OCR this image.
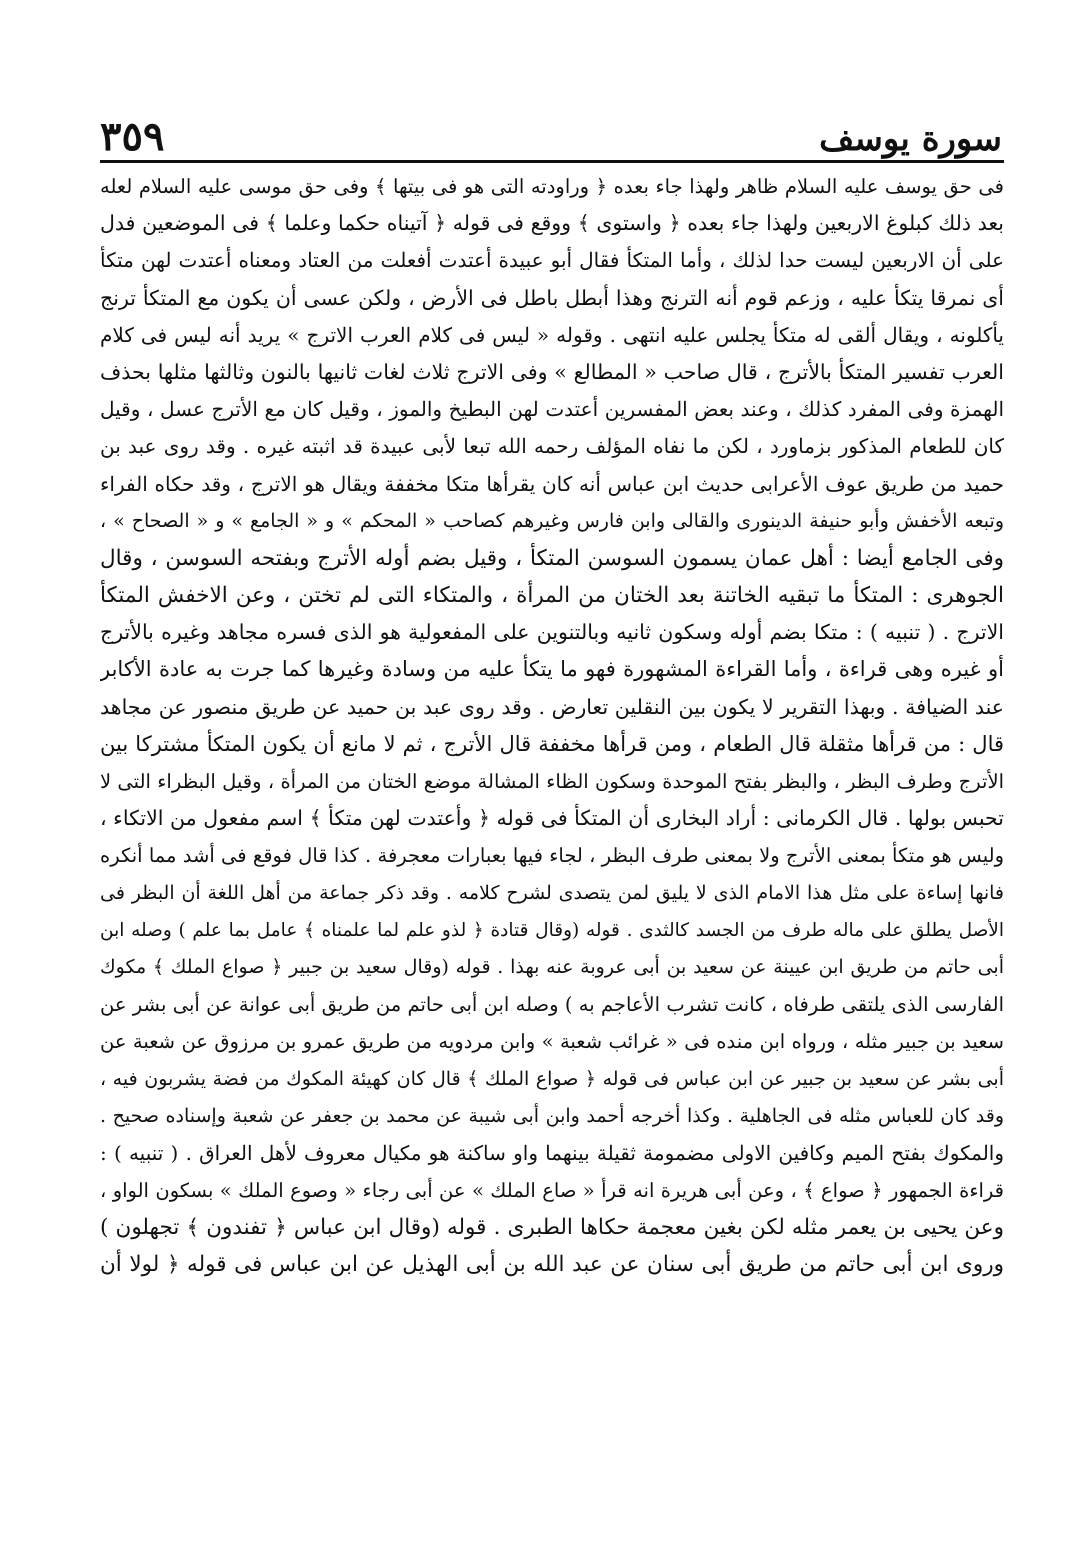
سورة يوسف
٣٥٩
فى حق يوسف عليه السلام ظاهر ولهذا جاء بعده ﴿ وراودته التى هو فى بيتها ﴾ وفى حق موسى عليه السلام لعله
بعد ذلك كبلوغ الاربعين ولهذا جاء بعده ﴿ واستوى ﴾ ووقع فى قوله ﴿ آتيناه حكما وعلما ﴾ فى الموضعين فدل
على أن الاربعين ليست حدا لذلك ، وأما المتكأ فقال أبو عبيدة أعتدت أفعلت من العتاد ومعناه أعتدت لهن متكأ
أى نمرقا يتكأ عليه ، وزعم قوم أنه الترنج وهذا أبطل باطل فى الأرض ، ولكن عسى أن يكون مع المتكأ ترنج
يأكلونه ، ويقال ألقى له متكأ يجلس عليه انتهى . وقوله « ليس فى كلام العرب الاترج » يريد أنه ليس فى كلام
العرب تفسير المتكأ بالأترج ، قال صاحب « المطالع » وفى الاترج ثلاث لغات ثانيها بالنون وثالثها مثلها بحذف
الهمزة وفى المفرد كذلك ، وعند بعض المفسرين أعتدت لهن البطيخ والموز ، وقيل كان مع الأترج عسل ، وقيل
كان للطعام المذكور بزماورد ، لكن ما نفاه المؤلف رحمه الله تبعا لأبى عبيدة قد اثبته غيره . وقد روى عبد بن
حميد من طريق عوف الأعرابى حديث ابن عباس أنه كان يقرأها متكا مخففة ويقال هو الاترج ، وقد حكاه الفراء
وتبعه الأخفش وأبو حنيفة الدينورى والقالى وابن فارس وغيرهم كصاحب « المحكم » و « الجامع » و « الصحاح » ،
وفى الجامع أيضا : أهل عمان يسمون السوسن المتكأ ، وقيل بضم أوله الأترج وبفتحه السوسن ، وقال
الجوهرى : المتكأ ما تبقيه الخاتنة بعد الختان من المرأة ، والمتكاء التى لم تختن ، وعن الاخفش المتكأ
الاترج . ( تنبيه ) : متكا بضم أوله وسكون ثانيه وبالتنوين على المفعولية هو الذى فسره مجاهد وغيره بالأترج
أو غيره وهى قراءة ، وأما القراءة المشهورة فهو ما يتكأ عليه من وسادة وغيرها كما جرت به عادة الأكابر
عند الضيافة . وبهذا التقرير لا يكون بين النقلين تعارض . وقد روى عبد بن حميد عن طريق منصور عن مجاهد
قال : من قرأها مثقلة قال الطعام ، ومن قرأها مخففة قال الأترج ، ثم لا مانع أن يكون المتكأ مشتركا بين
الأترج وطرف البظر ، والبظر بفتح الموحدة وسكون الظاء المشالة موضع الختان من المرأة ، وقيل البظراء التى لا
تحبس بولها . قال الكرمانى : أراد البخارى أن المتكأ فى قوله ﴿ وأعتدت لهن متكأ ﴾ اسم مفعول من الاتكاء ،
وليس هو متكأ بمعنى الأترج ولا بمعنى طرف البظر ، لجاء فيها بعبارات معجرفة . كذا قال فوقع فى أشد مما أنكره
فانها إساءة على مثل هذا الامام الذى لا يليق لمن يتصدى لشرح كلامه . وقد ذكر جماعة من أهل اللغة أن البظر فى
الأصل يطلق على ماله طرف من الجسد كالثدى . قوله (وقال قتادة ﴿ لذو علم لما علمناه ﴾ عامل بما علم ) وصله ابن
أبى حاتم من طريق ابن عيينة عن سعيد بن أبى عروبة عنه بهذا . قوله (وقال سعيد بن جبير ﴿ صواع الملك ﴾ مكوك
الفارسى الذى يلتقى طرفاه ، كانت تشرب الأعاجم به ) وصله ابن أبى حاتم من طريق أبى عوانة عن أبى بشر عن
سعيد بن جبير مثله ، ورواه ابن منده فى « غرائب شعبة » وابن مردويه من طريق عمرو بن مرزوق عن شعبة عن
أبى بشر عن سعيد بن جبير عن ابن عباس فى قوله ﴿ صواع الملك ﴾ قال كان كهيئة المكوك من فضة يشربون فيه ،
وقد كان للعباس مثله فى الجاهلية . وكذا أخرجه أحمد وابن أبى شيبة عن محمد بن جعفر عن شعبة وإسناده صحيح .
والمكوك بفتح الميم وكافين الاولى مضمومة ثقيلة بينهما واو ساكنة هو مكيال معروف لأهل العراق . ( تنبيه ) :
قراءة الجمهور ﴿ صواع ﴾ ، وعن أبى هريرة انه قرأ « صاع الملك » عن أبى رجاء « وصوع الملك » بسكون الواو ،
وعن يحيى بن يعمر مثله لكن بغين معجمة حكاها الطبرى . قوله (وقال ابن عباس ﴿ تفندون ﴾ تجهلون )
وروى ابن أبى حاتم من طريق أبى سنان عن عبد الله بن أبى الهذيل عن ابن عباس فى قوله ﴿ لولا أن
